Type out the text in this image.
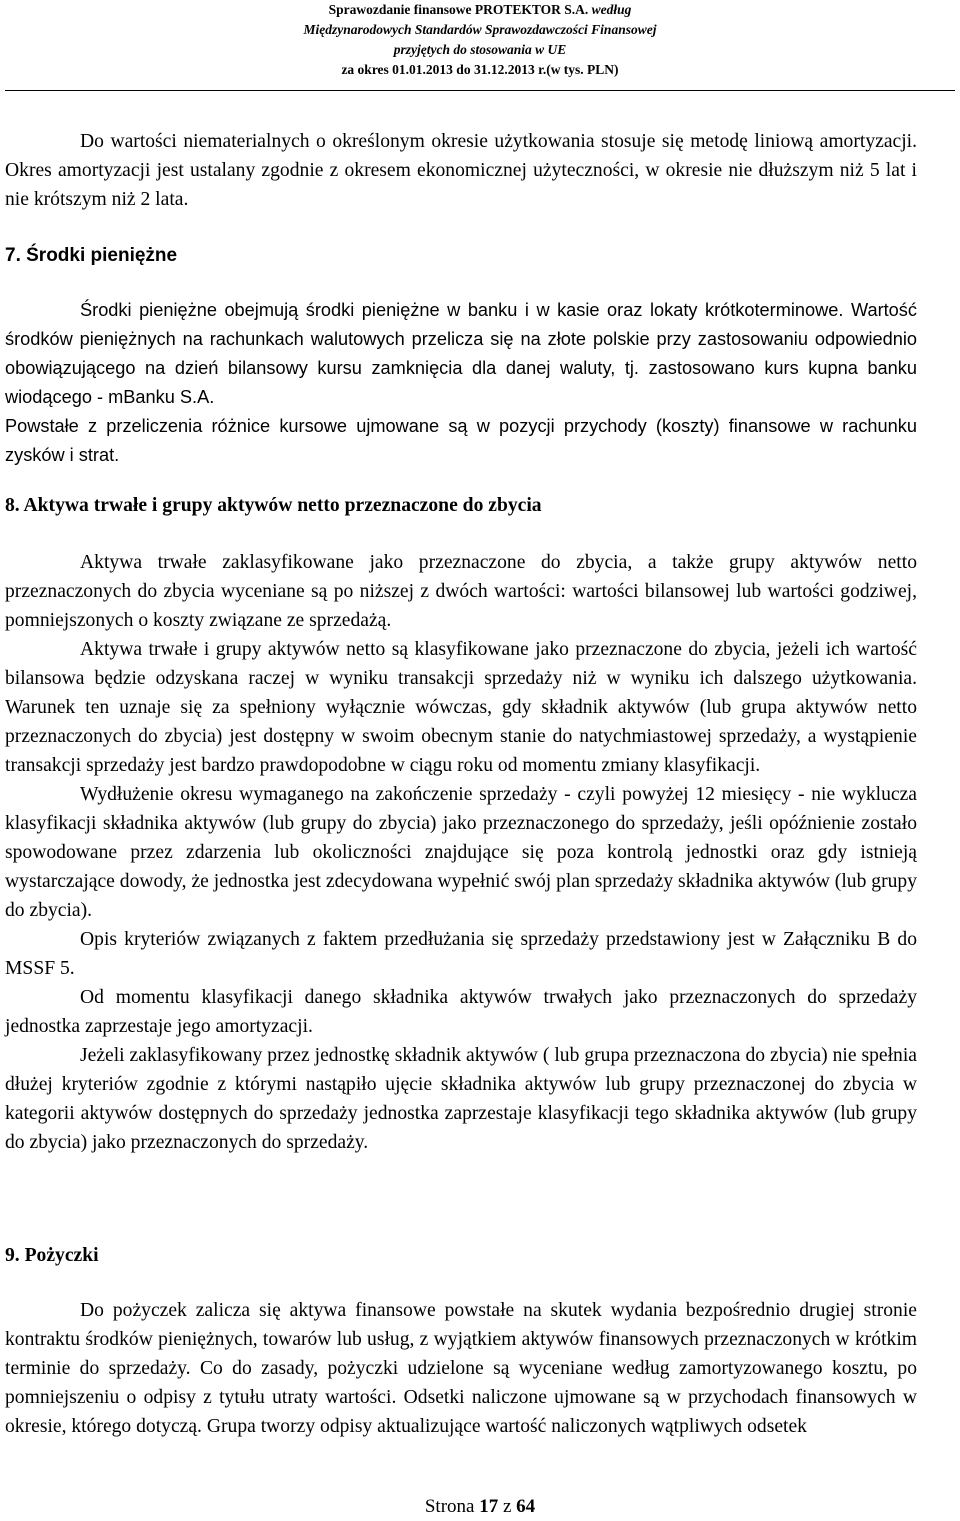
Sprawozdanie finansowe PROTEKTOR S.A. według
Międzynarodowych Standardów Sprawozdawczości Finansowej
przyjętych do stosowania w UE
za okres 01.01.2013 do 31.12.2013 r.(w tys. PLN)
Do wartości niematerialnych o określonym okresie użytkowania stosuje się metodę liniową amortyzacji. Okres amortyzacji jest ustalany zgodnie z okresem ekonomicznej użyteczności, w okresie nie dłuższym niż 5 lat i nie krótszym niż 2 lata.
7. Środki pieniężne
Środki pieniężne obejmują środki pieniężne w banku i w kasie oraz lokaty krótkoterminowe. Wartość środków pieniężnych na rachunkach walutowych przelicza się na złote polskie przy zastosowaniu odpowiednio obowiązującego na dzień bilansowy kursu zamknięcia dla danej waluty, tj. zastosowano kurs kupna banku wiodącego - mBanku S.A.
Powstałe z przeliczenia różnice kursowe ujmowane są w pozycji przychody (koszty) finansowe w rachunku zysków i strat.
8. Aktywa trwałe i grupy aktywów netto przeznaczone do zbycia
Aktywa trwałe zaklasyfikowane jako przeznaczone do zbycia, a także grupy aktywów netto przeznaczonych do zbycia wyceniane są po niższej z dwóch wartości: wartości bilansowej lub wartości godziwej, pomniejszonych o koszty związane ze sprzedażą.
Aktywa trwałe i grupy aktywów netto są klasyfikowane jako przeznaczone do zbycia, jeżeli ich wartość bilansowa będzie odzyskana raczej w wyniku transakcji sprzedaży niż w wyniku ich dalszego użytkowania. Warunek ten uznaje się za spełniony wyłącznie wówczas, gdy składnik aktywów (lub grupa aktywów netto przeznaczonych do zbycia) jest dostępny w swoim obecnym stanie do natychmiastowej sprzedaży, a wystąpienie transakcji sprzedaży jest bardzo prawdopodobne w ciągu roku od momentu zmiany klasyfikacji.
Wydłużenie okresu wymaganego na zakończenie sprzedaży - czyli powyżej 12 miesięcy - nie wyklucza klasyfikacji składnika aktywów (lub grupy do zbycia) jako przeznaczonego do sprzedaży, jeśli opóźnienie zostało spowodowane przez zdarzenia lub okoliczności znajdujące się poza kontrolą jednostki oraz gdy istnieją wystarczające dowody, że jednostka jest zdecydowana wypełnić swój plan sprzedaży składnika aktywów (lub grupy do zbycia).
Opis kryteriów związanych z faktem przedłużania się sprzedaży przedstawiony jest w Załączniku B do MSSF 5.
Od momentu klasyfikacji danego składnika aktywów trwałych jako przeznaczonych do sprzedaży jednostka zaprzestaje jego amortyzacji.
Jeżeli zaklasyfikowany przez jednostkę składnik aktywów ( lub grupa przeznaczona do zbycia) nie spełnia dłużej kryteriów zgodnie z którymi nastąpiło ujęcie składnika aktywów lub grupy przeznaczonej do zbycia w kategorii aktywów dostępnych do sprzedaży jednostka zaprzestaje klasyfikacji tego składnika aktywów (lub grupy do zbycia) jako przeznaczonych do sprzedaży.
9. Pożyczki
Do pożyczek zalicza się aktywa finansowe powstałe na skutek wydania bezpośrednio drugiej stronie kontraktu środków pieniężnych, towarów lub usług, z wyjątkiem aktywów finansowych przeznaczonych w krótkim terminie do sprzedaży. Co do zasady, pożyczki udzielone są wyceniane według zamortyzowanego kosztu, po pomniejszeniu o odpisy z tytułu utraty wartości. Odsetki naliczone ujmowane są w przychodach finansowych w okresie, którego dotyczą. Grupa tworzy odpisy aktualizujące wartość naliczonych wątpliwych odsetek
Strona 17 z 64
